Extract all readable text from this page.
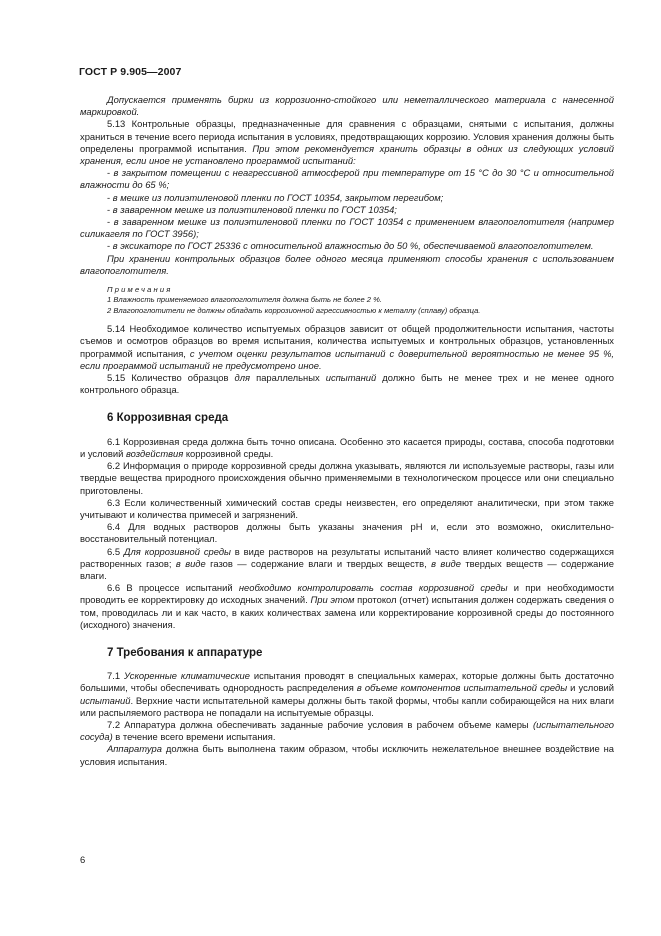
ГОСТ Р 9.905—2007

Допускается применять бирки из коррозионно-стойкого или неметаллического материала с нанесенной маркировкой.

5.13 Контрольные образцы, предназначенные для сравнения с образцами, снятыми с испытания, должны храниться в течение всего периода испытания в условиях, предотвращающих коррозию. Условия хранения должны быть определены программой испытания. При этом рекомендуется хранить образцы в одних из следующих условий хранения, если иное не установлено программой испытаний:

- в закрытом помещении с неагрессивной атмосферой при температуре от 15 °С до 30 °С и относительной влажности до 65 %;

- в мешке из полиэтиленовой пленки по ГОСТ 10354, закрытом перегибом;

- в заваренном мешке из полиэтиленовой пленки по ГОСТ 10354;

- в заваренном мешке из полиэтиленовой пленки по ГОСТ 10354 с применением влагопоглотителя (например силикагеля по ГОСТ 3956);

- в эксикаторе по ГОСТ 25336 с относительной влажностью до 50 %, обеспечиваемой влагопоглотителем.

При хранении контрольных образцов более одного месяца применяют способы хранения с использованием влагопоглотителя.

Примечания
1 Влажность применяемого влагопоглотителя должна быть не более 2 %.
2 Влагопоглотители не должны обладать коррозионной агрессивностью к металлу (сплаву) образца.

5.14 Необходимое количество испытуемых образцов зависит от общей продолжительности испытания, частоты съемов и осмотров образцов во время испытания, количества испытуемых и контрольных образцов, установленных программой испытания, с учетом оценки результатов испытаний с доверительной вероятностью не менее 95 %, если программой испытаний не предусмотрено иное.

5.15 Количество образцов для параллельных испытаний должно быть не менее трех и не менее одного контрольного образца.

6 Коррозивная среда

6.1 Коррозивная среда должна быть точно описана. Особенно это касается природы, состава, способа подготовки и условий воздействия коррозивной среды.

6.2 Информация о природе коррозивной среды должна указывать, являются ли используемые растворы, газы или твердые вещества природного происхождения обычно применяемыми в технологическом процессе или они специально приготовлены.

6.3 Если количественный химический состав среды неизвестен, его определяют аналитически, при этом также учитывают и количества примесей и загрязнений.

6.4 Для водных растворов должны быть указаны значения рН и, если это возможно, окислительно-восстановительный потенциал.

6.5 Для коррозивной среды в виде растворов на результаты испытаний часто влияет количество содержащихся растворенных газов; в виде газов — содержание влаги и твердых веществ, в виде твердых веществ — содержание влаги.

6.6 В процессе испытаний необходимо контролировать состав коррозивной среды и при необходимости проводить ее корректировку до исходных значений. При этом протокол (отчет) испытания должен содержать сведения о том, проводилась ли и как часто, в каких количествах замена или корректирование коррозивной среды до постоянного (исходного) значения.

7 Требования к аппаратуре

7.1 Ускоренные климатические испытания проводят в специальных камерах, которые должны быть достаточно большими, чтобы обеспечивать однородность распределения в объеме компонентов испытательной среды и условий испытаний. Верхние части испытательной камеры должны быть такой формы, чтобы капли собирающейся на них влаги или распыляемого раствора не попадали на испытуемые образцы.

7.2 Аппаратура должна обеспечивать заданные рабочие условия в рабочем объеме камеры (испытательного сосуда) в течение всего времени испытания.

Аппаратура должна быть выполнена таким образом, чтобы исключить нежелательное внешнее воздействие на условия испытания.

6
